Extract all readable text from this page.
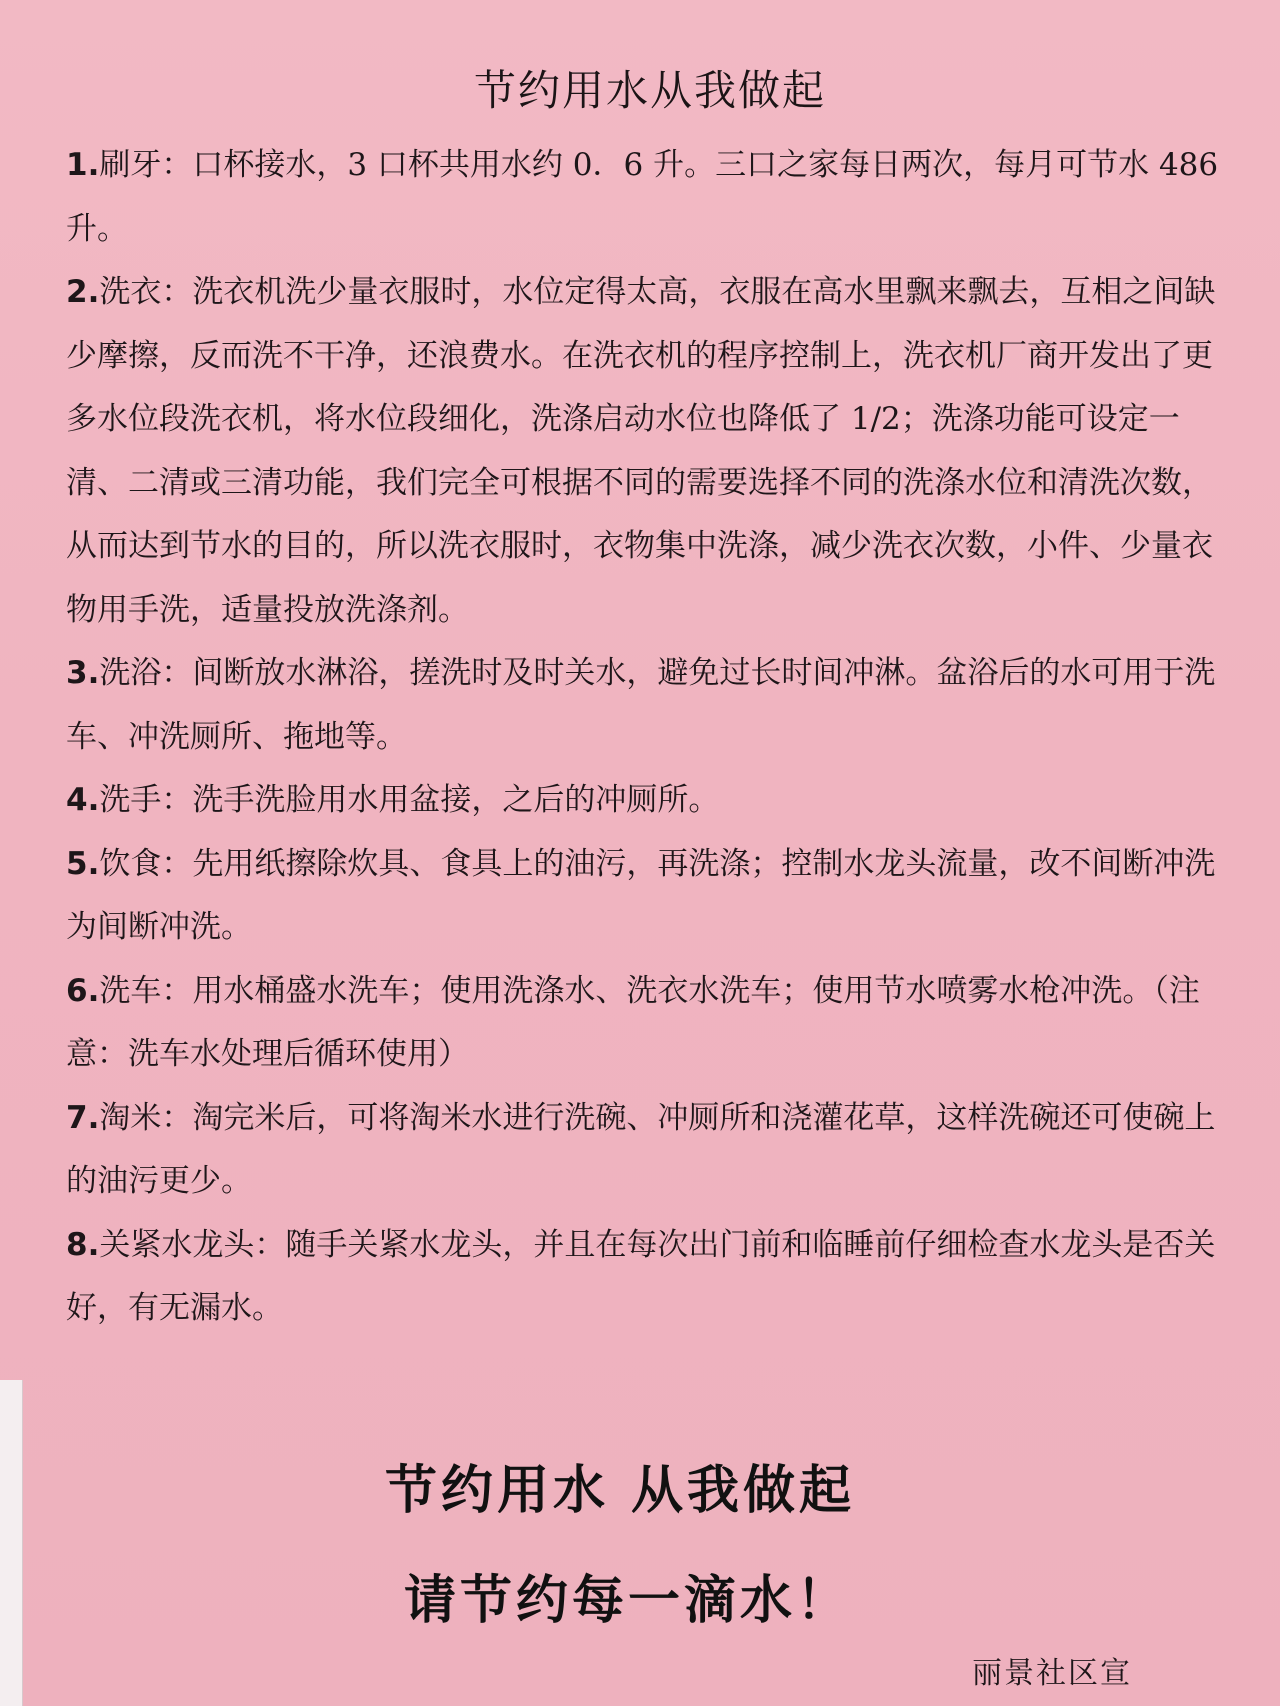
节约用水从我做起

1.刷牙：口杯接水，3 口杯共用水约 0．6 升。三口之家每日两次，每月可节水 486 升。

2.洗衣：洗衣机洗少量衣服时，水位定得太高，衣服在高水里飘来飘去，互相之间缺少摩擦，反而洗不干净，还浪费水。在洗衣机的程序控制上，洗衣机厂商开发出了更多水位段洗衣机，将水位段细化，洗涤启动水位也降低了 1/2；洗涤功能可设定一清、二清或三清功能，我们完全可根据不同的需要选择不同的洗涤水位和清洗次数，从而达到节水的目的，所以洗衣服时，衣物集中洗涤，减少洗衣次数，小件、少量衣物用手洗，适量投放洗涤剂。

3.洗浴：间断放水淋浴，搓洗时及时关水，避免过长时间冲淋。盆浴后的水可用于洗车、冲洗厕所、拖地等。

4.洗手：洗手洗脸用水用盆接，之后的冲厕所。

5.饮食：先用纸擦除炊具、食具上的油污，再洗涤；控制水龙头流量，改不间断冲洗为间断冲洗。

6.洗车：用水桶盛水洗车；使用洗涤水、洗衣水洗车；使用节水喷雾水枪冲洗。（注意：洗车水处理后循环使用）

7.淘米：淘完米后，可将淘米水进行洗碗、冲厕所和浇灌花草，这样洗碗还可使碗上的油污更少。

8.关紧水龙头：随手关紧水龙头，并且在每次出门前和临睡前仔细检查水龙头是否关好，有无漏水。

节约用水 从我做起
请节约每一滴水！
丽景社区宣
